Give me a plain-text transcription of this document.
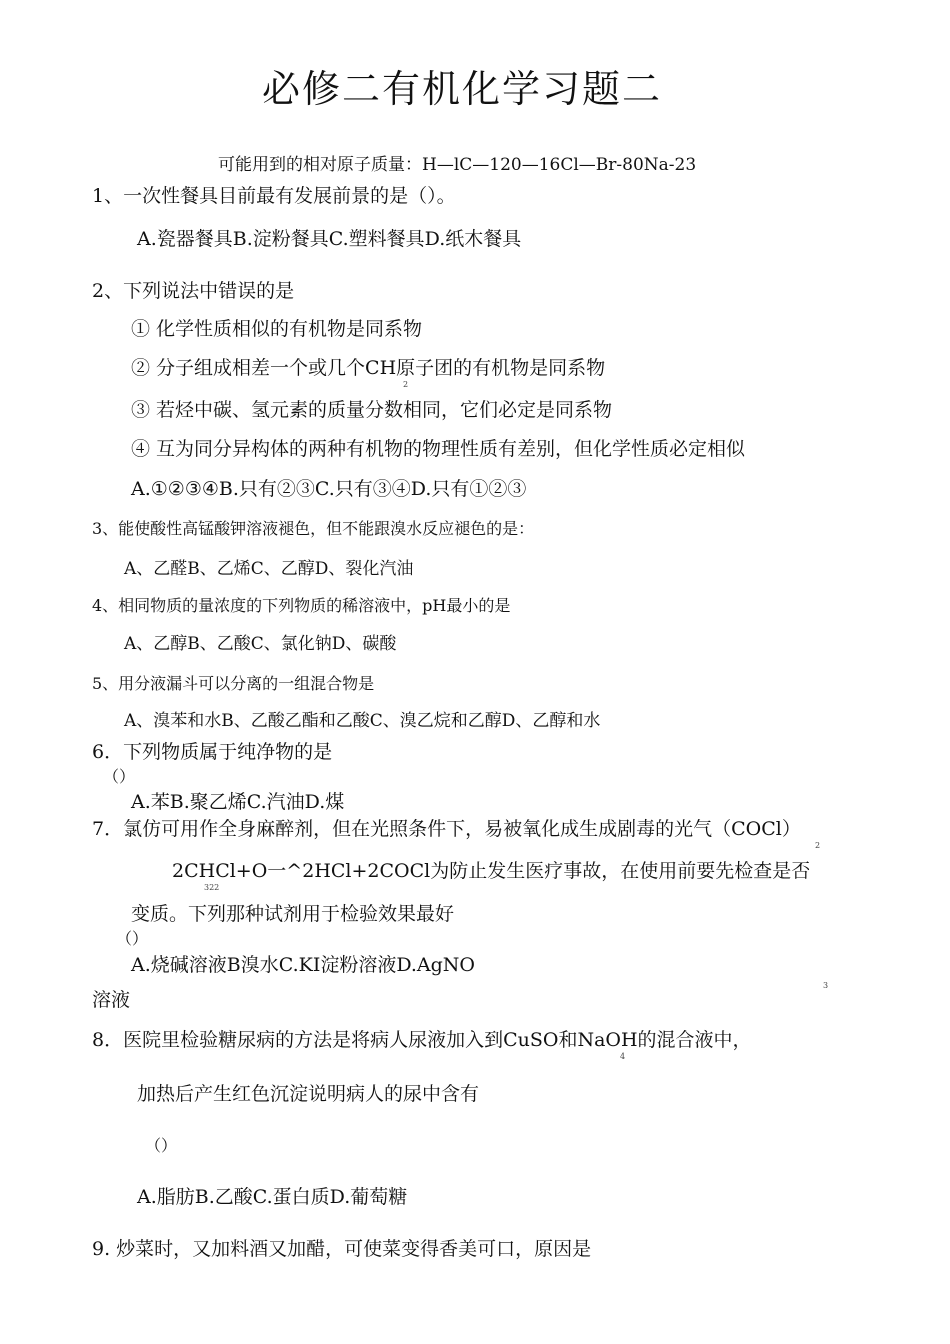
必修二有机化学习题二
可能用到的相对原子质量：H—lC—120—16Cl—Br-80Na-23
1、一次性餐具目前最有发展前景的是（）。
A.瓷器餐具B.淀粉餐具C.塑料餐具D.纸木餐具
2、下列说法中错误的是
① 化学性质相似的有机物是同系物
② 分子组成相差一个或几个CH原子团的有机物是同系物
2
③ 若烃中碳、氢元素的质量分数相同，它们必定是同系物
④ 互为同分异构体的两种有机物的物理性质有差别，但化学性质必定相似
A.①②③④B.只有②③C.只有③④D.只有①②③
3、能使酸性高锰酸钾溶液褪色，但不能跟溴水反应褪色的是：
A、乙醛B、乙烯C、乙醇D、裂化汽油
4、相同物质的量浓度的下列物质的稀溶液中，pH最小的是
A、乙醇B、乙酸C、氯化钠D、碳酸
5、用分液漏斗可以分离的一组混合物是
A、溴苯和水B、乙酸乙酯和乙酸C、溴乙烷和乙醇D、乙醇和水
6．下列物质属于纯净物的是
（）
A.苯B.聚乙烯C.汽油D.煤
7．氯仿可用作全身麻醉剂，但在光照条件下，易被氧化成生成剧毒的光气（COCl）
2
2CHCl+O一^2HCl+2COCl为防止发生医疗事故，在使用前要先检查是否
322
变质。下列那种试剂用于检验效果最好
（）
A.烧碱溶液B溴水C.KI淀粉溶液D.AgNO
3
溶液
8．医院里检验糖尿病的方法是将病人尿液加入到CuSO和NaOH的混合液中，
4
加热后产生红色沉淀说明病人的尿中含有
（）
A.脂肪B.乙酸C.蛋白质D.葡萄糖
9. 炒菜时，又加料酒又加醋，可使菜变得香美可口，原因是
